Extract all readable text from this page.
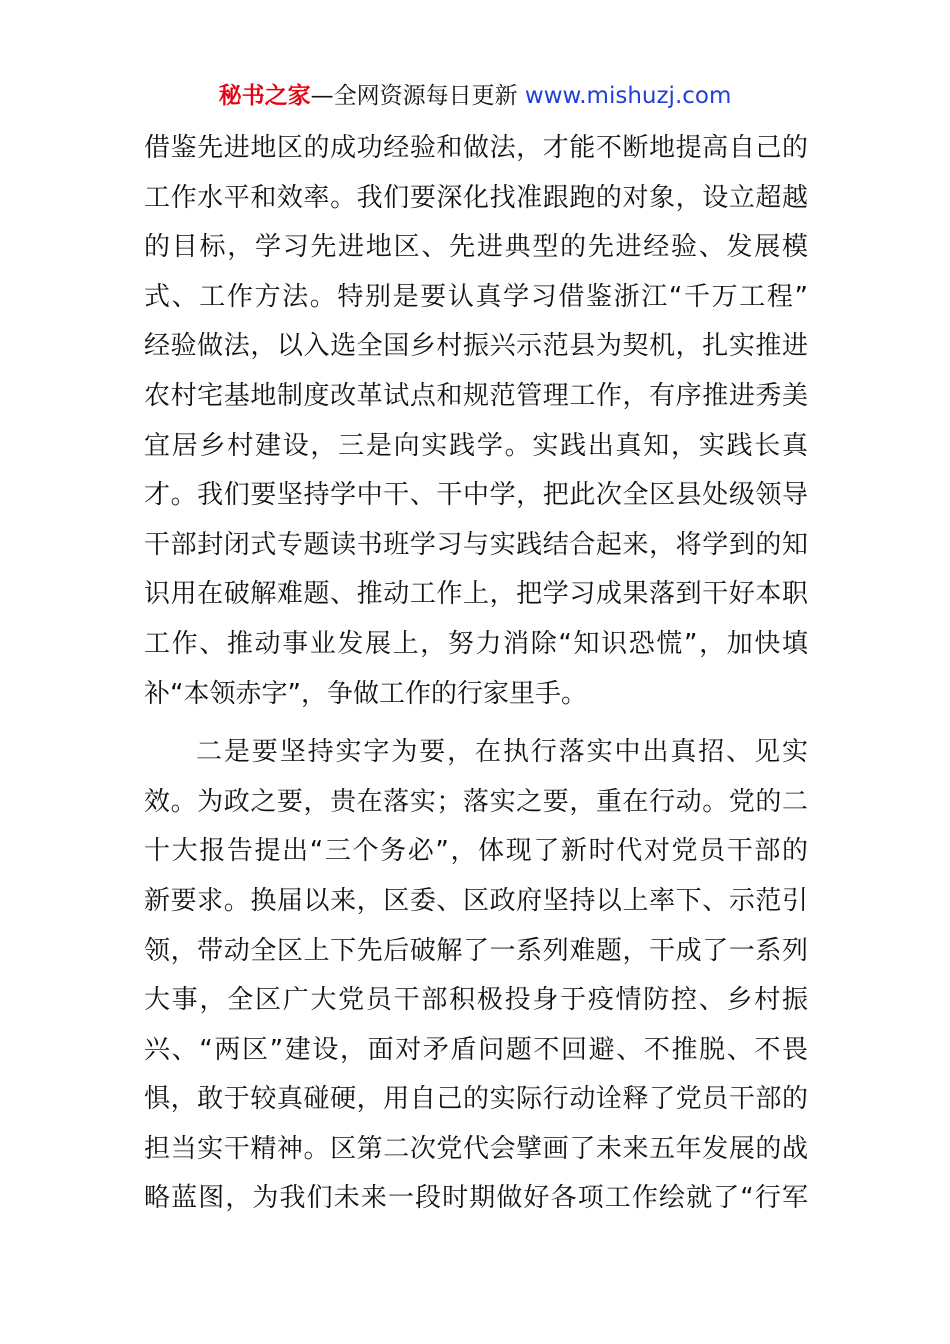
秘书之家—全网资源每日更新 www.mishuzj.com
借鉴先进地区的成功经验和做法，才能不断地提高自己的
工作水平和效率。我们要深化找准跟跑的对象，设立超越
的目标，学习先进地区、先进典型的先进经验、发展模
式、工作方法。特别是要认真学习借鉴浙江“千万工程”
经验做法，以入选全国乡村振兴示范县为契机，扎实推进
农村宅基地制度改革试点和规范管理工作，有序推进秀美
宜居乡村建设，三是向实践学。实践出真知，实践长真
才。我们要坚持学中干、干中学，把此次全区县处级领导
干部封闭式专题读书班学习与实践结合起来，将学到的知
识用在破解难题、推动工作上，把学习成果落到干好本职
工作、推动事业发展上，努力消除“知识恐慌”，加快填
补“本领赤字”，争做工作的行家里手。
二是要坚持实字为要，在执行落实中出真招、见实
效。为政之要，贵在落实；落实之要，重在行动。党的二
十大报告提出“三个务必”，体现了新时代对党员干部的
新要求。换届以来，区委、区政府坚持以上率下、示范引
领，带动全区上下先后破解了一系列难题，干成了一系列
大事，全区广大党员干部积极投身于疫情防控、乡村振
兴、“两区”建设，面对矛盾问题不回避、不推脱、不畏
惧，敢于较真碰硬，用自己的实际行动诠释了党员干部的
担当实干精神。区第二次党代会擘画了未来五年发展的战
略蓝图，为我们未来一段时期做好各项工作绘就了“行军
